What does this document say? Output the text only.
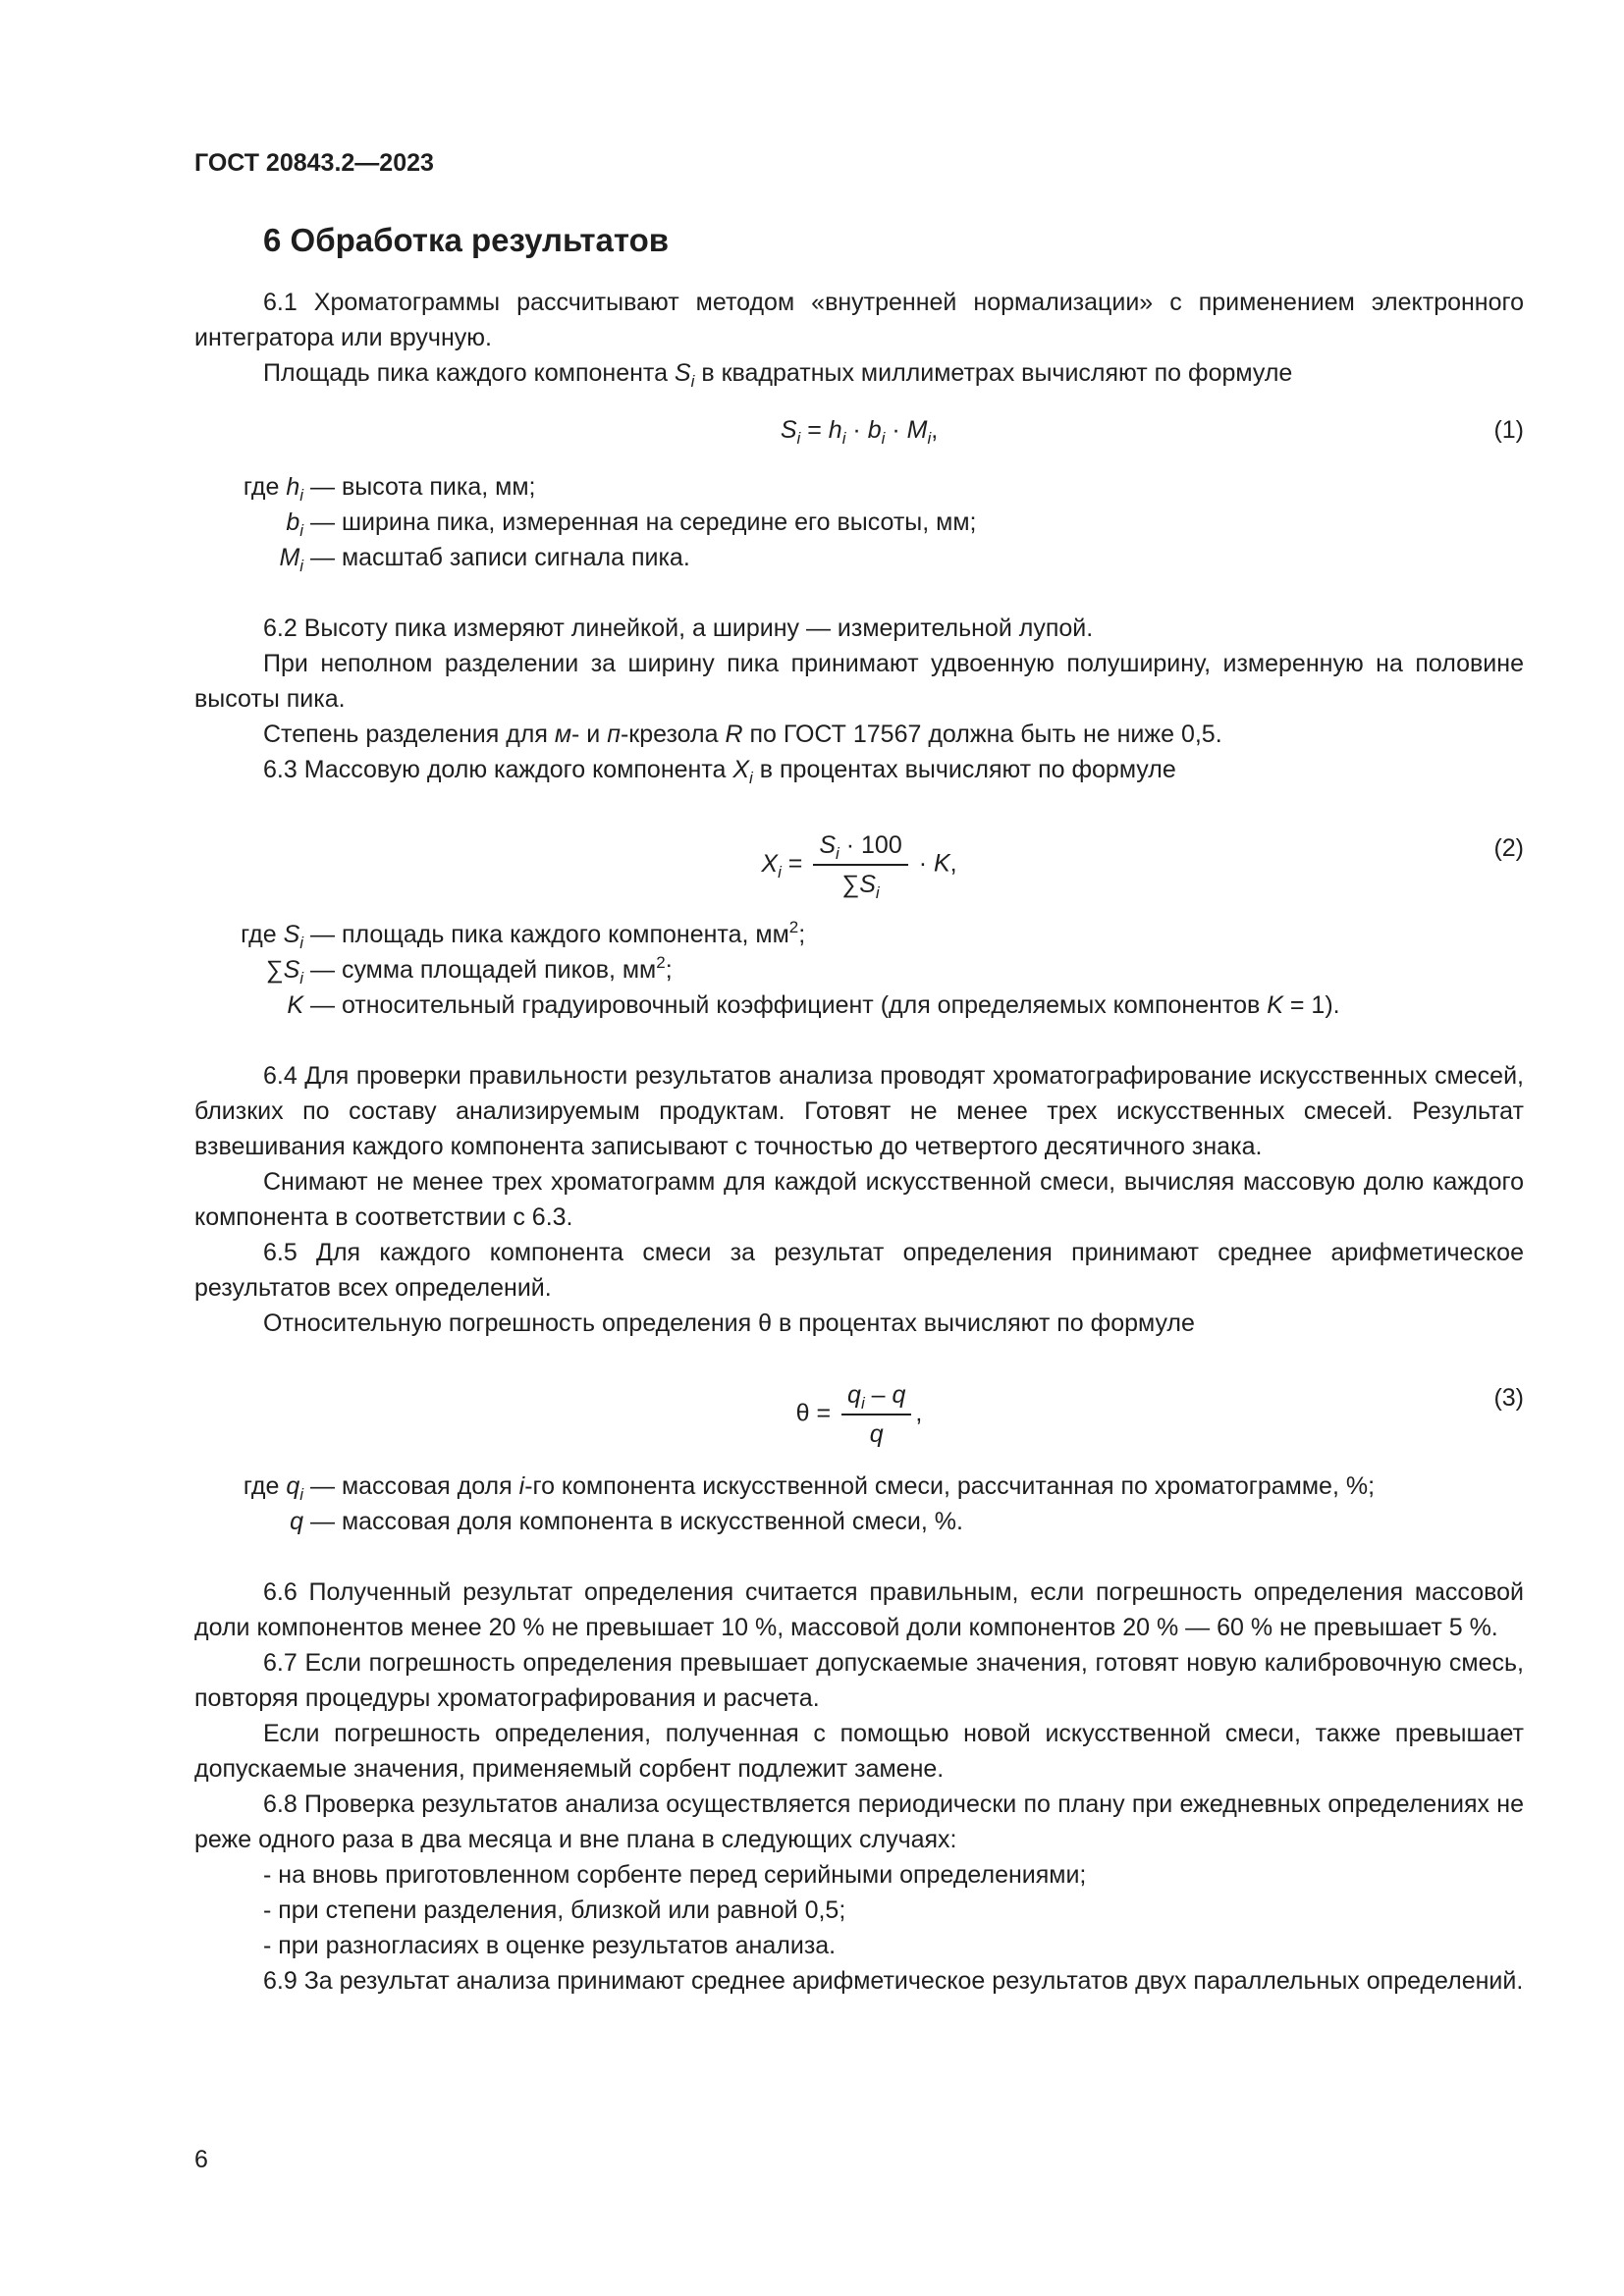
ГОСТ 20843.2—2023
6 Обработка результатов

6.1 Хроматограммы рассчитывают методом «внутренней нормализации» с применением электронного интегратора или вручную.

Площадь пика каждого компонента $S_i$ в квадратных миллиметрах вычисляют по формуле

$S_i = h_i \cdot b_i \cdot M_i$,	(1)
где $h_i$ — высота пика, мм;
$b_i$ — ширина пика, измеренная на середине его высоты, мм;
$M_i$ — масштаб записи сигнала пика.

6.2 Высоту пика измеряют линейкой, а ширину — измерительной лупой.

При неполном разделении за ширину пика принимают удвоенную полуширину, измеренную на половине высоты пика.

Степень разделения для м- и п-крезола R по ГОСТ 17567 должна быть не ниже 0,5.

6.3 Массовую долю каждого компонента $X_i$ в процентах вычисляют по формуле

$X_i = \frac{S_i \cdot 100}{\sum S_i} \cdot K$,
(2)
где $S_i$ — площадь пика каждого компонента, $мм^2$;
$\sum S_i$ — сумма площадей пиков, $мм^2$;
K — относительный градуировочный коэффициент (для определяемых компонентов K = 1).

6.4 Для проверки правильности результатов анализа проводят хроматографирование искусственных смесей, близких по составу анализируемым продуктам. Готовят не менее трех искусственных смесей. Результат взвешивания каждого компонента записывают с точностью до четвертого десятичного знака.

Снимают не менее трех хроматограмм для каждой искусственной смеси, вычисляя массовую долю каждого компонента в соответствии с 6.3.

6.5 Для каждого компонента смеси за результат определения принимают среднее арифметическое результатов всех определений.

Относительную погрешность определения θ в процентах вычисляют по формуле

$\theta = \frac{q_i - q}{q}$ ,
(3)
где $q_i$ — массовая доля i-го компонента искусственной смеси, рассчитанная по хроматограмме, %;
q — массовая доля компонента в искусственной смеси, %.

6.6 Полученный результат определения считается правильным, если погрешность определения массовой доли компонентов менее 20 % не превышает 10 %, массовой доли компонентов 20 % — 60 % не превышает 5 %.

6.7 Если погрешность определения превышает допускаемые значения, готовят новую калибровочную смесь, повторяя процедуры хроматографирования и расчета.

Если погрешность определения, полученная с помощью новой искусственной смеси, также превышает допускаемые значения, применяемый сорбент подлежит замене.

6.8 Проверка результатов анализа осуществляется периодически по плану при ежедневных определениях не реже одного раза в два месяца и вне плана в следующих случаях:

- на вновь приготовленном сорбенте перед серийными определениями;

- при степени разделения, близкой или равной 0,5;

- при разногласиях в оценке результатов анализа.

6.9 За результат анализа принимают среднее арифметическое результатов двух параллельных определений.

6
